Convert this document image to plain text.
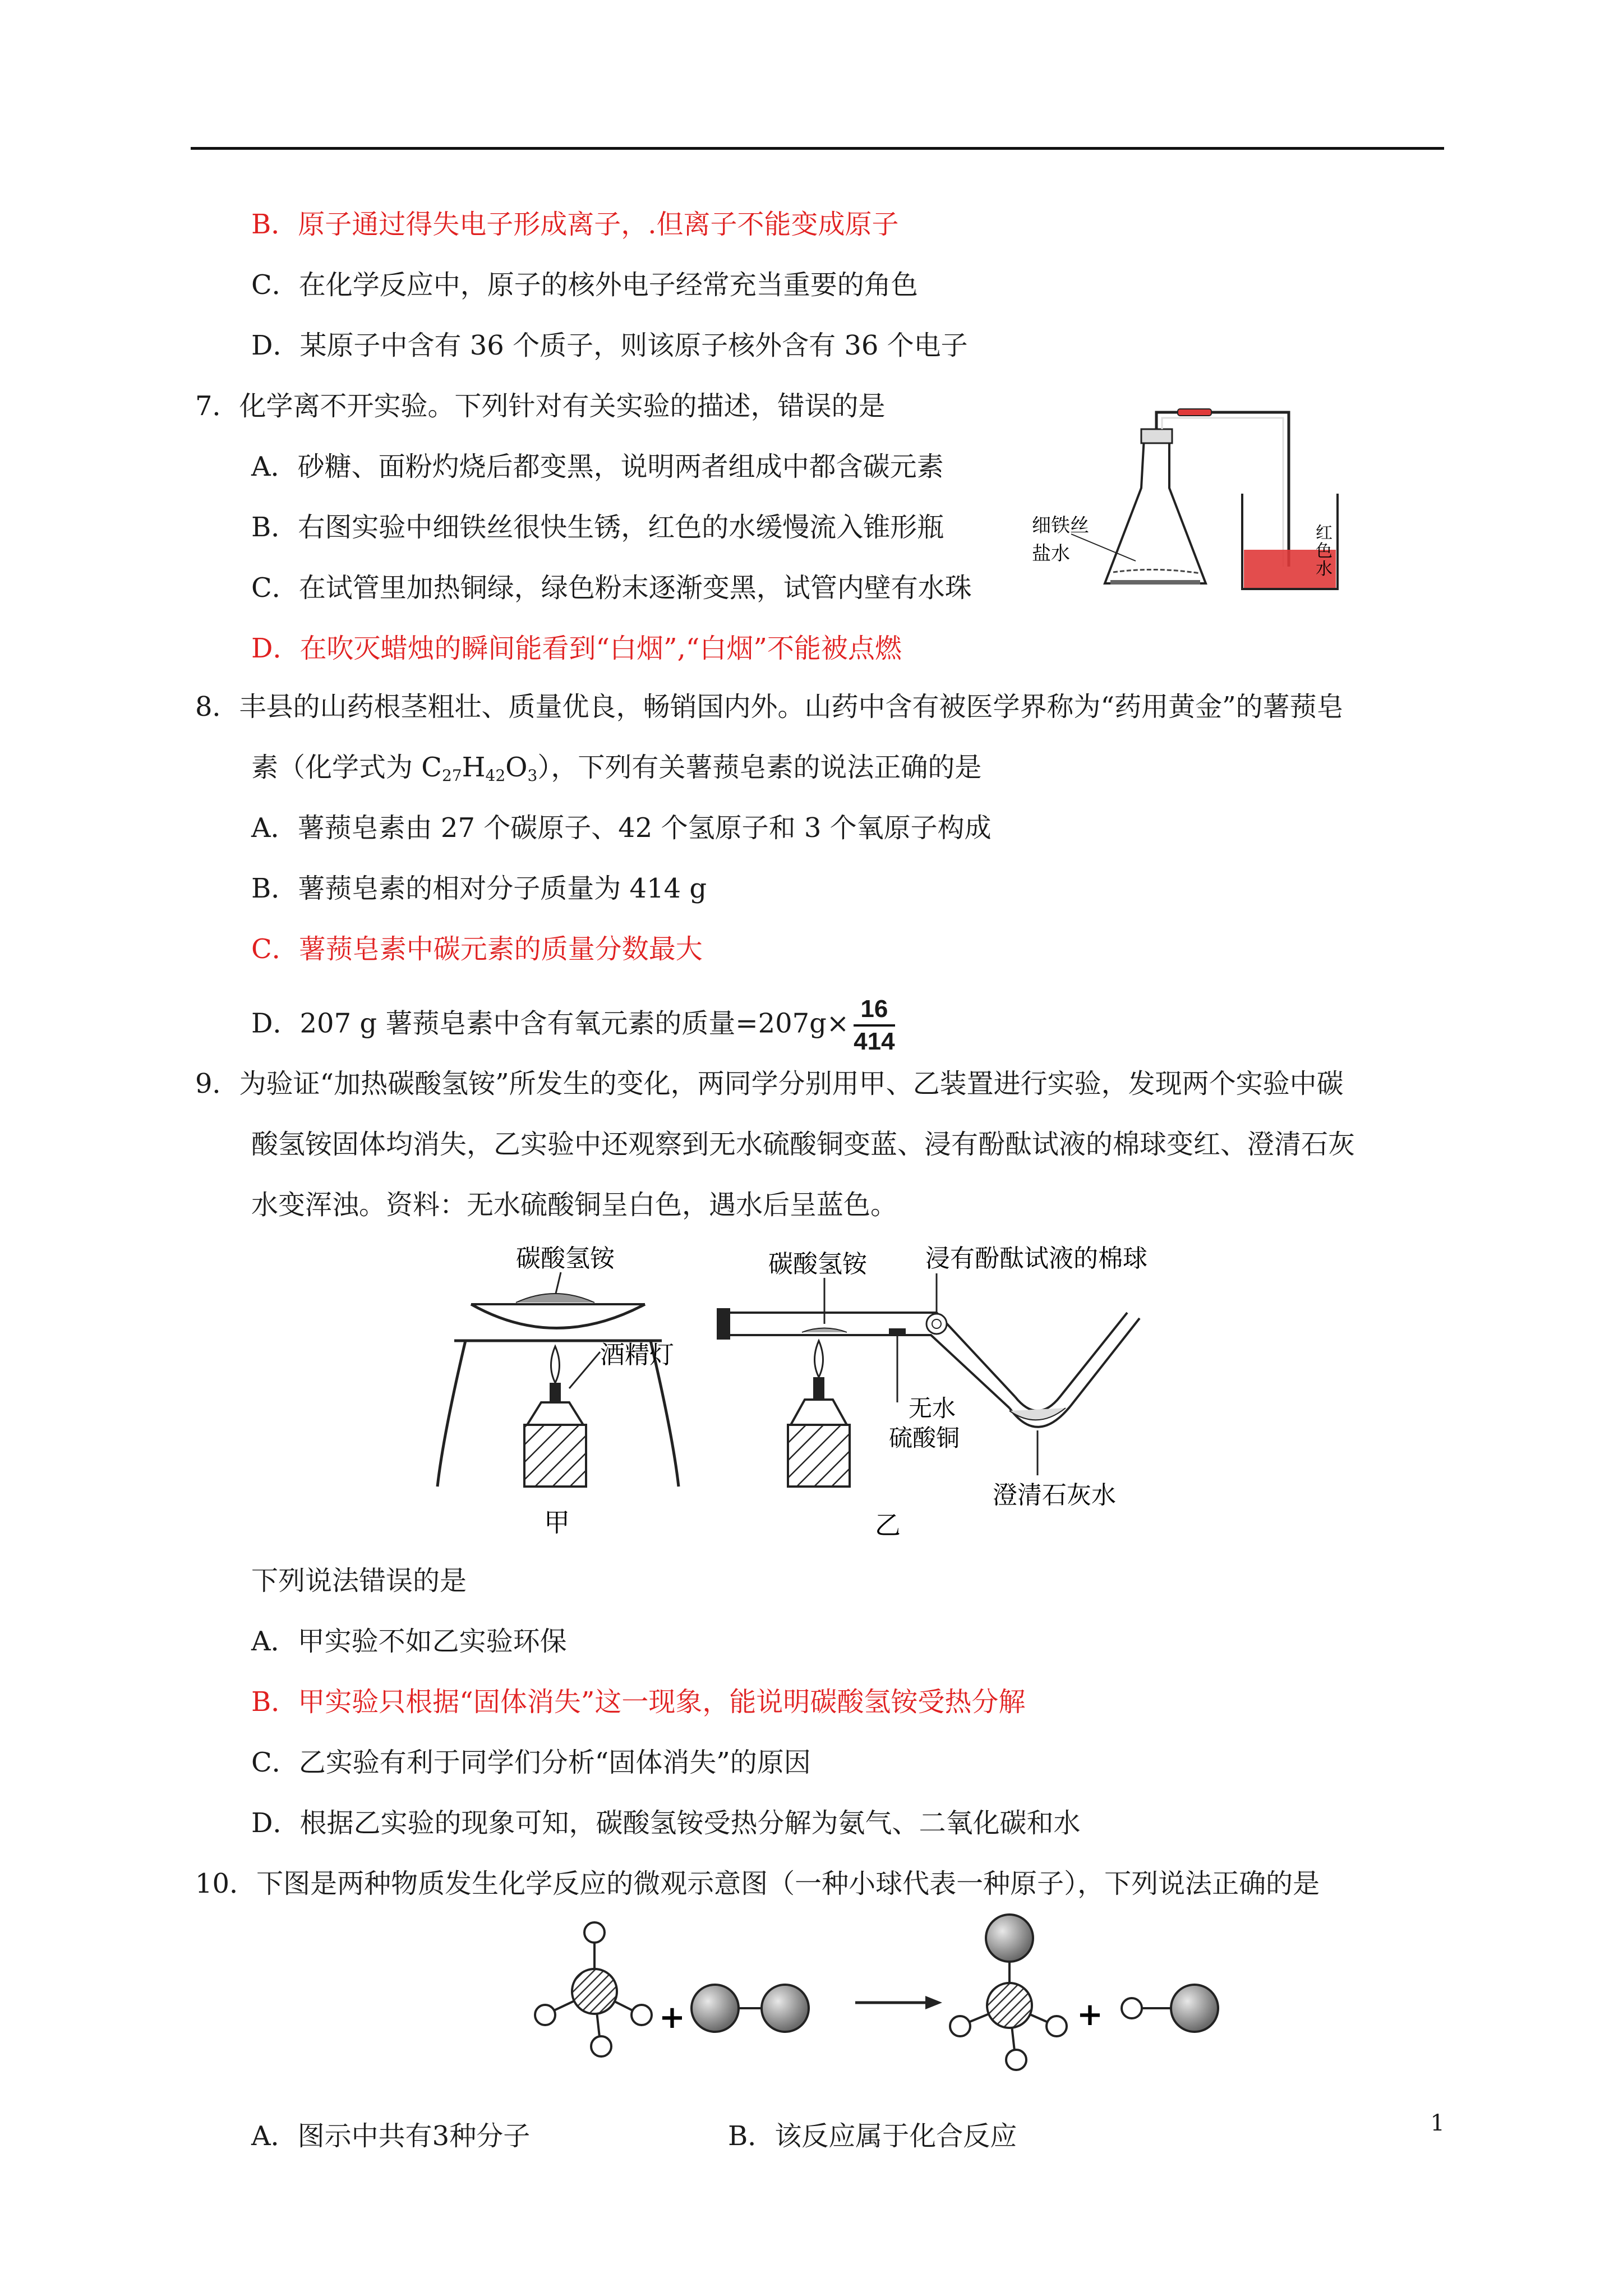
B．原子通过得失电子形成离子，.但离子不能变成原子
C．在化学反应中，原子的核外电子经常充当重要的角色
D．某原子中含有 36 个质子，则该原子核外含有 36 个电子
7．化学离不开实验。下列针对有关实验的描述，错误的是
A．砂糖、面粉灼烧后都变黑，说明两者组成中都含碳元素
B．右图实验中细铁丝很快生锈，红色的水缓慢流入锥形瓶
C．在试管里加热铜绿，绿色粉末逐渐变黑，试管内壁有水珠
D．在吹灭蜡烛的瞬间能看到“白烟”,“白烟”不能被点燃
细铁丝
盐水
红
色
水
8．丰县的山药根茎粗壮、质量优良，畅销国内外。山药中含有被医学界称为“药用黄金”的薯蓣皂
素（化学式为 $C_{27}H_{42}O_3$），下列有关薯蓣皂素的说法正确的是
A．薯蓣皂素由 27 个碳原子、42 个氢原子和 3 个氧原子构成
B．薯蓣皂素的相对分子质量为 414 g
C．薯蓣皂素中碳元素的质量分数最大
D．207 g 薯蓣皂素中含有氧元素的质量$=207g\times \frac{16}{414}$
9．为验证“加热碳酸氢铵”所发生的变化，两同学分别用甲、乙装置进行实验，发现两个实验中碳
酸氢铵固体均消失，乙实验中还观察到无水硫酸铜变蓝、浸有酚酞试液的棉球变红、澄清石灰
水变浑浊。资料：无水硫酸铜呈白色，遇水后呈蓝色。
碳酸氢铵
酒精灯
甲
碳酸氢铵 浸有酚酞试液的棉球
无水
硫酸铜
澄清石灰水
乙
下列说法错误的是
A．甲实验不如乙实验环保
B．甲实验只根据“固体消失”这一现象，能说明碳酸氢铵受热分解
C．乙实验有利于同学们分析“固体消失”的原因
D．根据乙实验的现象可知，碳酸氢铵受热分解为氨气、二氧化碳和水
10．下图是两种物质发生化学反应的微观示意图（一种小球代表一种原子），下列说法正确的是
+	+
A．图示中共有3种分子	B．该反应属于化合反应	1
